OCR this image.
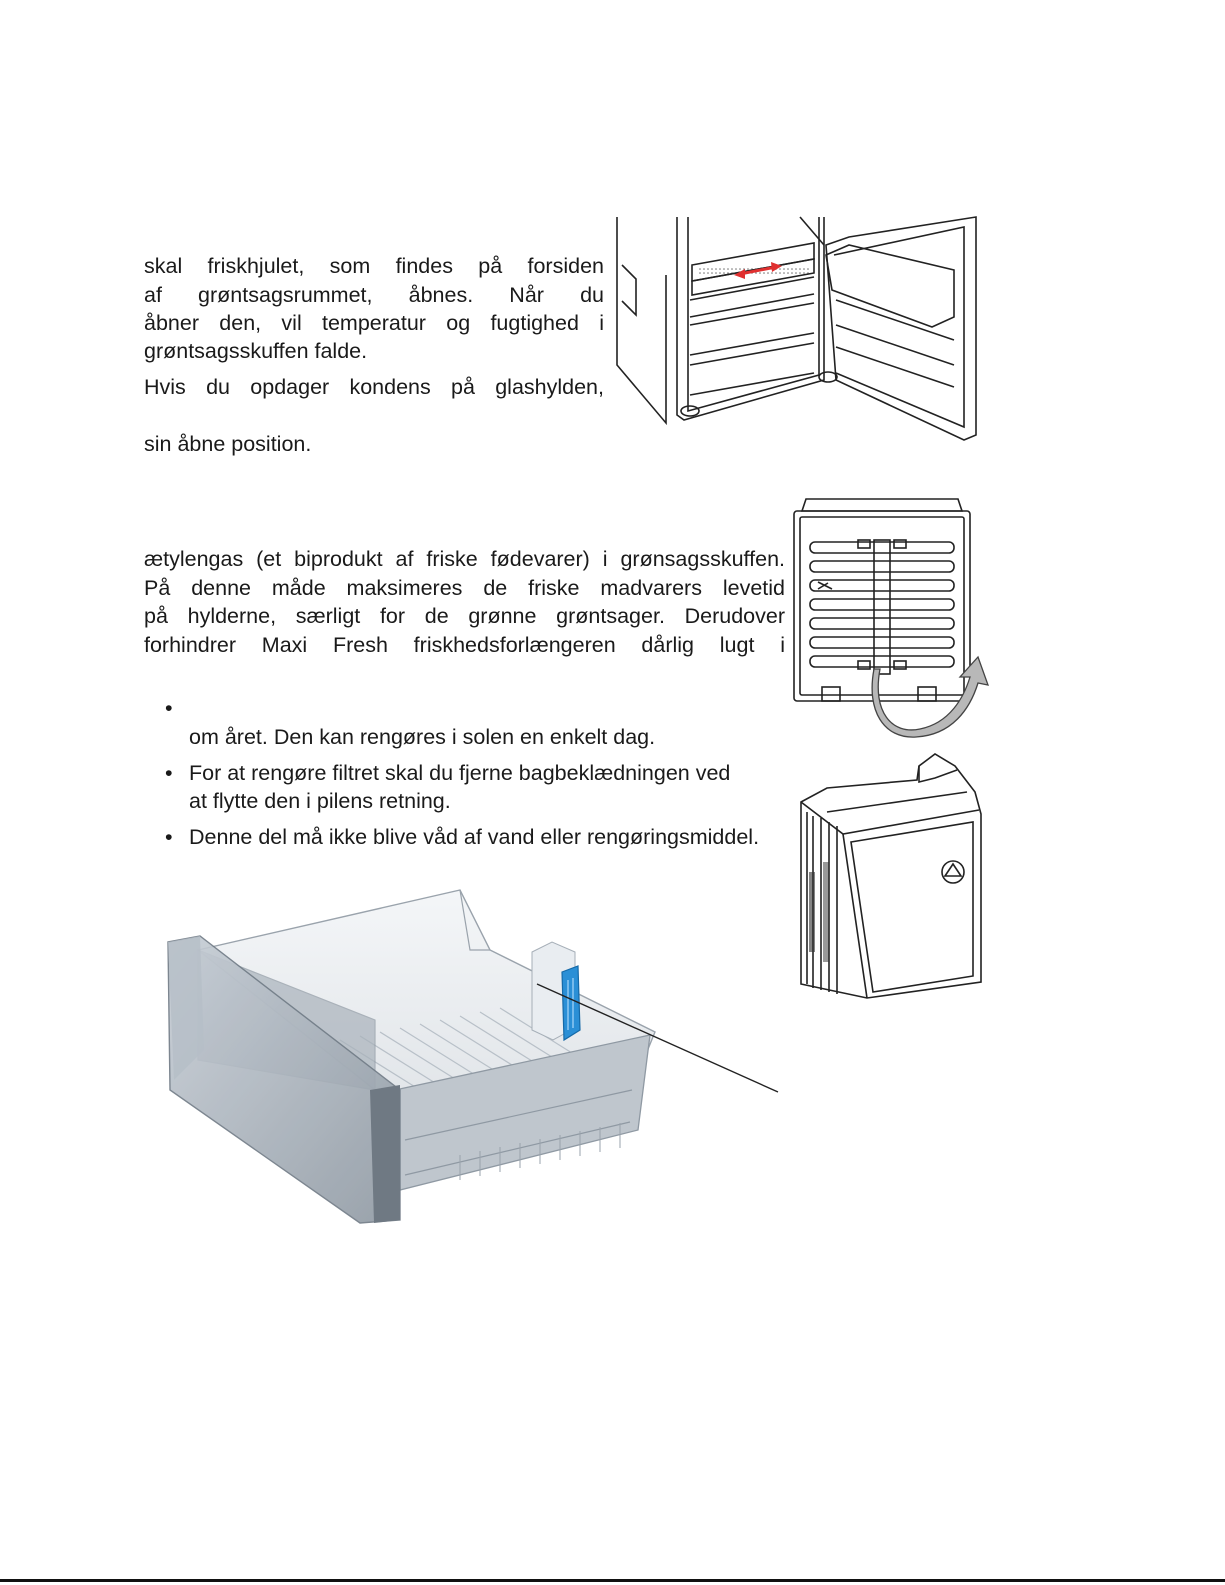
skal friskhjulet, som findes på forsiden
af grøntsagsrummet, åbnes. Når du
åbner den, vil temperatur og fugtighed i
grøntsagsskuffen falde.
Hvis du opdager kondens på glashylden,
sin åbne position.
ætylengas (et biprodukt af friske fødevarer) i grønsagsskuffen.
På denne måde maksimeres de friske madvarers levetid
på hylderne, særligt for de grønne grøntsager. Derudover
forhindrer Maxi Fresh friskhedsforlængeren dårlig lugt i
•
om året. Den kan rengøres i solen en enkelt dag.
• For at rengøre filtret skal du fjerne bagbeklædningen ved
at flytte den i pilens retning.
• Denne del må ikke blive våd af vand eller rengøringsmiddel.
